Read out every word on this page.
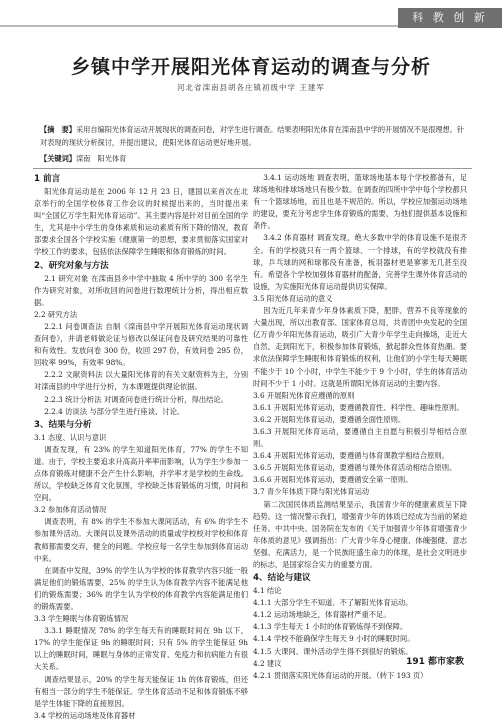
科 教 创 新
乡镇中学开展阳光体育运动的调查与分析
河北省滦南县胡各庄镇初级中学 王建军
【摘　要】采用自编阳光体育运动开展现状的调查问卷，对学生进行调查。结果表明阳光体育在滦南县中学的开展情况不是很理想。针对表现的现状分析探讨，并提出建议，使阳光体育运动更好地开展。
【关键词】滦南　阳光体育

1 前言

阳光体育运动是在 2006 年 12 月 23 日，建国以来首次在北京举行的全国学校体育工作会议的时候提出来的，当时提出来叫“全国亿万学生阳光体育运动”。其主要内容是针对目前全国的学生，尤其是中小学生的身体素质和运动素质有所下降的情况，教育部要求全国各个学校实施《健康第一的思想，要求贯彻落实国家对学校工作的要求，包括依法保障学生睡眠和体育锻炼的时间。

2、研究对象与方法

2.1 研究对象 在滦南县乡中学中抽取 4 所中学的 300 名学生作为研究对象，对所收回的问卷进行数理统计分析，得出相应数据。

2.2 研究方法

2.2.1 问卷调查法 自制《滦南县中学开展阳光体育运动现状调查问卷》，并请老师做论证与修改以保证问卷及研究结果的可靠性和有效性。发放问卷 300 份，收回 297 份，有效问卷 295 份，回收率 99%，有效率 98%。

2.2.2 文献资料法 以大量阳光体育的有关文献资料为主，分别对滦南县的中学进行分析，为本课题提供理论依据。

2.2.3 统计分析法 对调查问卷进行统计分析，得出结论。

2.2.4 访谈法 与部分学生进行座谈、讨论。

3、结果与分析

3.1 态度、认识与意识

调查发现，有 23% 的学生知道阳光体育，77% 的学生不知道。由于，学校主要追求升高高升率率而影响，认为学生少参加一点体育锻炼对健康不会产生什么影响，并学率才是学校的生命线。所以，学校缺乏体育文化氛围，学校缺乏体育锻炼的习惯，时间和空间。

3.2 参加体育活动情况

调查表明，有 8% 的学生不参加大课间活动，有 6% 的学生不参加课外活动。大课间以及课外活动的质量或学校校对学校和体育教师都需要交弃，健全的问题。学校应每一名学生参加到体育运动中来。

在调查中发现，39% 的学生认为学校的体育教学内容只能一般满足他们的锻炼需要，25% 的学生认为体育教学内容不能满足他们的锻炼需要；36% 的学生认为学校的体育教学内容能满足他们的锻炼需要。

3.3 学生睡眠与体育锻炼情况

3.3.1 睡眠情况 78% 的学生每天有的睡眠时间在 9h 以下，17% 的学生能保证 9h 的睡眠时间；只有 5% 的学生能保证 9h 以上的睡眠时间，睡眠与身体的正常发育、免疫力和抗病能力有很大关系。

调查结果显示，20% 的学生每天能保证 1h 的体育锻炼，但还有相当一部分的学生不能保证。学生体育活动不足和体育锻炼不够是学生体能下降的直接原因。

3.4 学校的运动场地及体育器材

3.4.1 运动场地 调查表明，篮球场地基本每个学校都备有，足球场地和排球场地只有极少数。在调查的四所中学中每个学校都只有一个篮球场地，而且也是不规范的。所以，学校应加强运动场地的建设，要充分考虑学生体育锻炼的需要，为他们提供基本设施和条件。

3.4.2 体育器材 调查发现，绝大多数中学的体育设施不是很齐全。有的学校就只有一两个篮球、一个排球，有的学校就没有排球，乒乓球的网和球都没有准备，板羽器材更是寥寥无几甚至没有。希望各个学校加强体育器材的配备，完善学生课外体育活动的设施，为实施阳光体育运动提供切实保障。

3.5 阳光体育运动的意义

因为近几年来青少年身体素质下降，肥胖、营养不良等现象的大量出现，所以出教育部、国家体育总局，共青团中央发起的全国亿万青少年阳光体育运动，吸引广大青少年学生走向操场，走近大自然，走到阳光下，积极参加体育锻炼，掀起群众性体育热潮。要求依法保障学生睡眠和体育锻炼的权利，让他们的小学生每天睡眠不能少于 10 个小时，中学生不能少于 9 个小时，学生的体育活动时间不少于 1 小时。这就是所谓阳光体育运动的主要内容。

3.6 开展阳光体育应遵循的原则

3.6.1 开展阳光体育运动，要遵循教育性、科学性、趣味性原则。

3.6.2 开展阳光体育运动，要遵循全面性原则。

3.6.3 开展阳光体育运动，要遵循自主自愿与积极引导相结合原则。

3.6.4 开展阳光体育运动，要遵循与体育课教学相结合原则。

3.6.5 开展阳光体育运动，要遵循与课外体育活动相结合原则。

3.6.6 开展阳光体育运动，要遵循安全第一原则。

3.7 青少年体质下降与阳光体育运动

第二次国民体质监测结果显示，我国青少年的健康素质呈下降趋势。这一情况警示我们，增强青少年的体质已经成为当前的紧迫任务。中共中央、国务院在发布的《关于加强青少年体育增强青少年体质的意见》强调指出：广大青少年身心健康、体魄强健、意志坚强、充满活力，是一个民族旺盛生命力的体现，是社会文明进步的标志，是国家综合实力的重要方面。

4、结论与建议

4.1 结论

4.1.1 大部分学生不知道、不了解阳光体育运动。

4.1.2 运动场地缺乏，体育器材严重不足。

4.1.3 学生每天 1 小时的体育锻炼得不到保障。

4.1.4 学校不能确保学生每天 9 小时的睡眠时间。

4.1.5 大课间、课外活动学生得不到很好的锻炼。

4.2 建议

4.2.1 贯彻落实阳光体育运动的开展。（转下 193 页）

191 都市家教
